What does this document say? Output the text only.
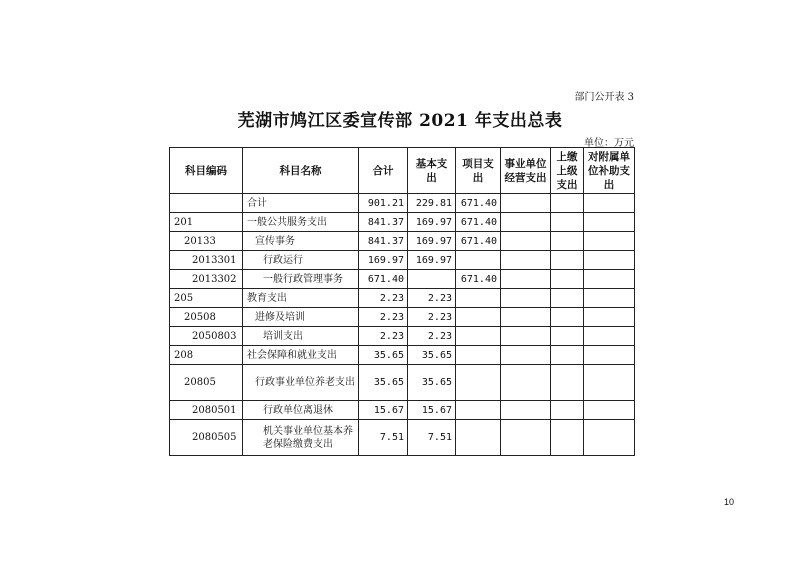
部门公开表 3
芜湖市鸠江区委宣传部 2021 年支出总表
单位：万元
科目编码	科目名称	合计	基本支出	项目支出	事业单位经营支出	上缴上级支出	对附属单位补助支出
	合计	901.21	229.81	671.40			
201	一般公共服务支出	841.37	169.97	671.40			
20133	宣传事务	841.37	169.97	671.40			
2013301	行政运行	169.97	169.97				
2013302	一般行政管理事务	671.40		671.40			
205	教育支出	2.23	2.23				
20508	进修及培训	2.23	2.23				
2050803	培训支出	2.23	2.23				
208	社会保障和就业支出	35.65	35.65				
20805	行政事业单位养老支出	35.65	35.65				
2080501	行政单位离退休	15.67	15.67				
2080505	机关事业单位基本养老保险缴费支出	7.51	7.51				
10
